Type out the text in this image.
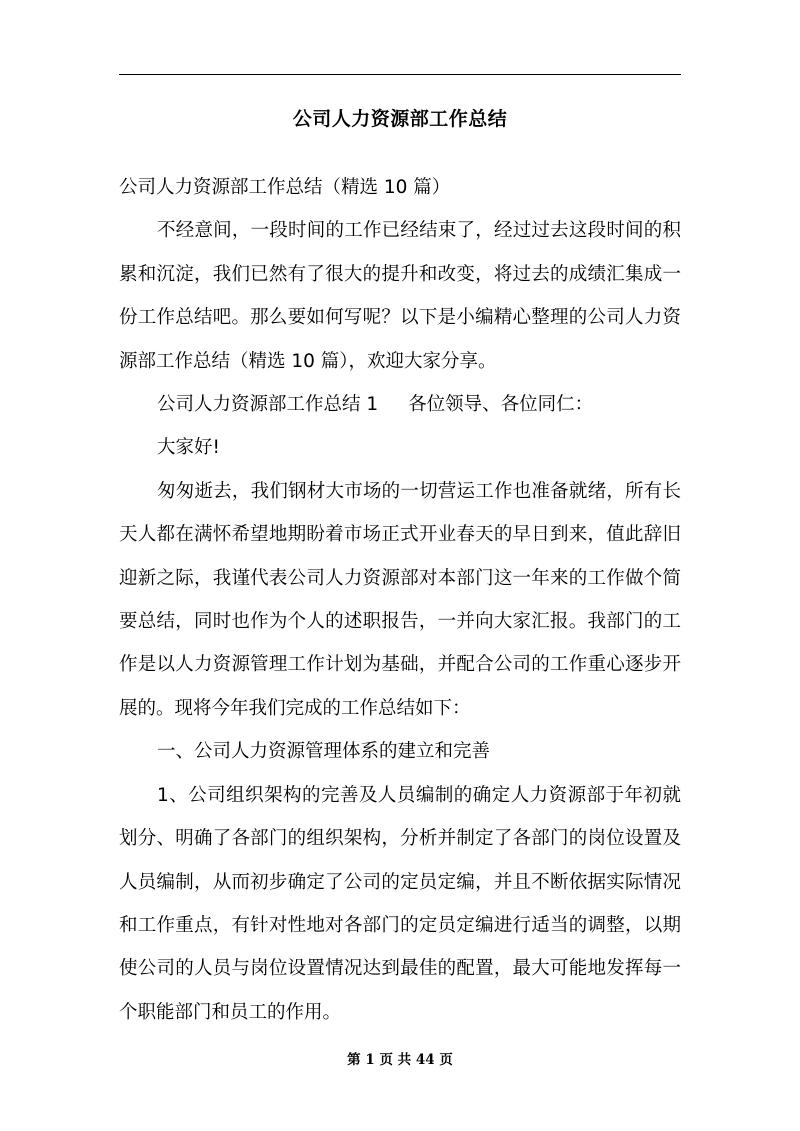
公司人力资源部工作总结

公司人力资源部工作总结（精选 10 篇）

不经意间，一段时间的工作已经结束了，经过过去这段时间的积累和沉淀，我们已然有了很大的提升和改变，将过去的成绩汇集成一份工作总结吧。那么要如何写呢？以下是小编精心整理的公司人力资源部工作总结（精选 10 篇），欢迎大家分享。

公司人力资源部工作总结 1 各位领导、各位同仁：

大家好!

匆匆逝去，我们钢材大市场的一切营运工作也准备就绪，所有长天人都在满怀希望地期盼着市场正式开业春天的早日到来，值此辞旧迎新之际，我谨代表公司人力资源部对本部门这一年来的工作做个简要总结，同时也作为个人的述职报告，一并向大家汇报。我部门的工作是以人力资源管理工作计划为基础，并配合公司的工作重心逐步开展的。现将今年我们完成的工作总结如下：

一、公司人力资源管理体系的建立和完善

1、公司组织架构的完善及人员编制的确定人力资源部于年初就划分、明确了各部门的组织架构，分析并制定了各部门的岗位设置及人员编制，从而初步确定了公司的定员定编，并且不断依据实际情况和工作重点，有针对性地对各部门的定员定编进行适当的调整，以期使公司的人员与岗位设置情况达到最佳的配置，最大可能地发挥每一个职能部门和员工的作用。

第 1 页 共 44 页
